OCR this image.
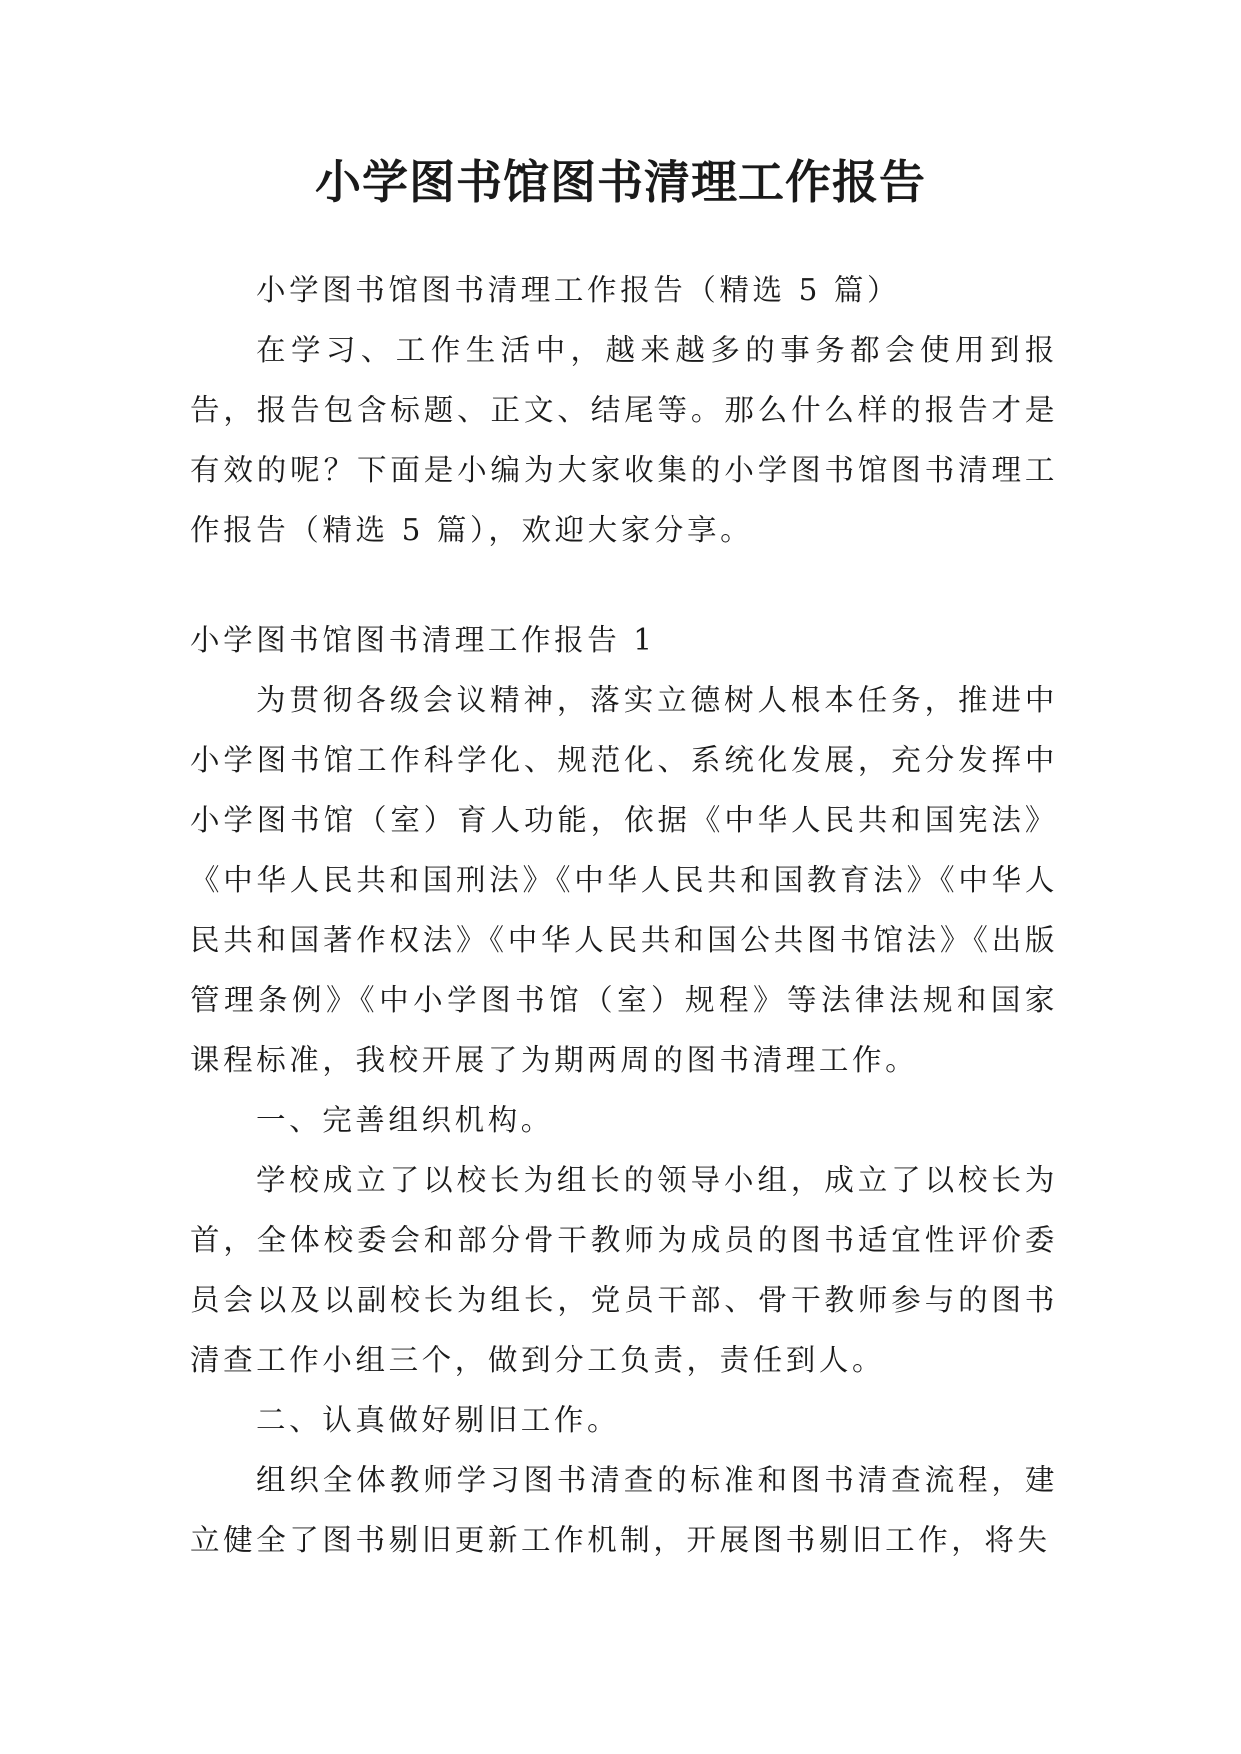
小学图书馆图书清理工作报告

小学图书馆图书清理工作报告（精选 5 篇）

在学习、工作生活中，越来越多的事务都会使用到报告，报告包含标题、正文、结尾等。那么什么样的报告才是有效的呢？下面是小编为大家收集的小学图书馆图书清理工作报告（精选 5 篇），欢迎大家分享。

小学图书馆图书清理工作报告 1

为贯彻各级会议精神，落实立德树人根本任务，推进中小学图书馆工作科学化、规范化、系统化发展，充分发挥中小学图书馆（室）育人功能，依据《中华人民共和国宪法》《中华人民共和国刑法》《中华人民共和国教育法》《中华人民共和国著作权法》《中华人民共和国公共图书馆法》《出版管理条例》《中小学图书馆（室）规程》等法律法规和国家课程标准，我校开展了为期两周的图书清理工作。

一、完善组织机构。

学校成立了以校长为组长的领导小组，成立了以校长为首，全体校委会和部分骨干教师为成员的图书适宜性评价委员会以及以副校长为组长，党员干部、骨干教师参与的图书清查工作小组三个，做到分工负责，责任到人。

二、认真做好剔旧工作。

组织全体教师学习图书清查的标准和图书清查流程，建立健全了图书剔旧更新工作机制，开展图书剔旧工作，将失
